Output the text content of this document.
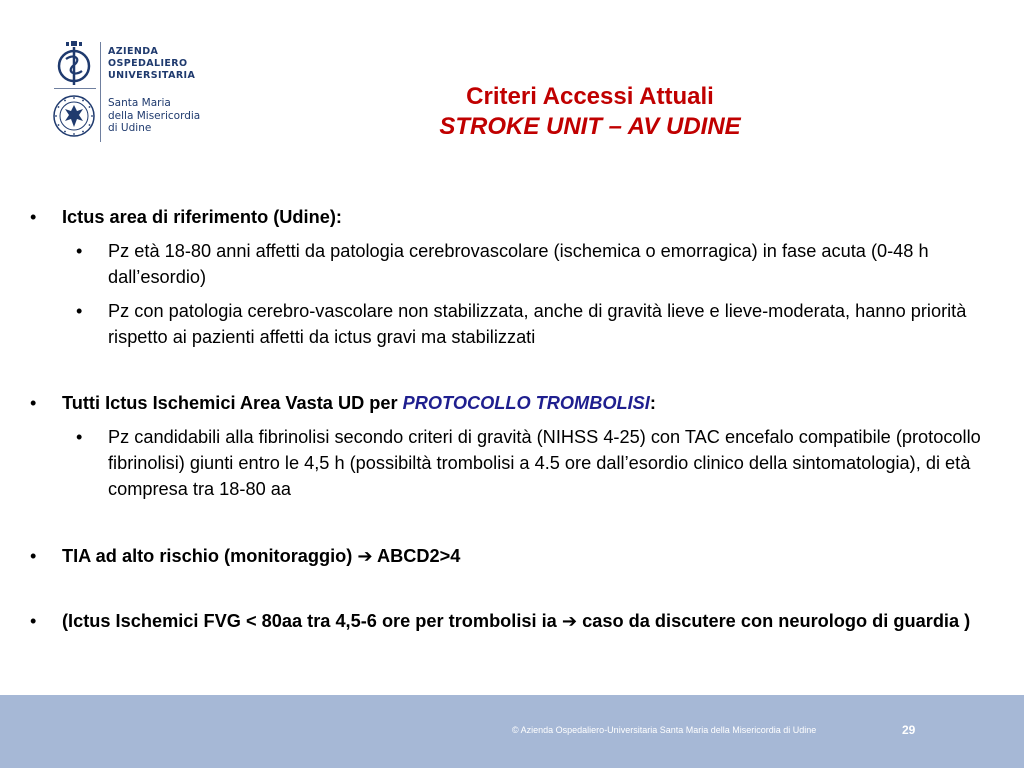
AZIENDA
OSPEDALIERO
UNIVERSITARIA
Santa Maria
della Misericordia
di Udine
Criteri Accessi Attuali
STROKE UNIT – AV UDINE
• Ictus area di riferimento (Udine):
• Pz età 18-80 anni affetti da patologia cerebrovascolare (ischemica o emorragica) in fase acuta (0-48 h dall’esordio)
• Pz con patologia cerebro-vascolare non stabilizzata, anche di gravità lieve e lieve-moderata, hanno priorità rispetto ai pazienti affetti da ictus gravi ma stabilizzati
• Tutti Ictus Ischemici Area Vasta UD per PROTOCOLLO TROMBOLISI:
• Pz candidabili alla fibrinolisi secondo criteri di gravità (NIHSS 4-25) con TAC encefalo compatibile (protocollo fibrinolisi) giunti entro le 4,5 h (possibiltà trombolisi a 4.5 ore dall’esordio clinico della sintomatologia), di età compresa tra 18-80 aa
• TIA ad alto rischio (monitoraggio) ➔ ABCD2>4
• (Ictus Ischemici FVG < 80aa tra 4,5-6 ore per trombolisi ia ➔ caso da discutere con neurologo di guardia )
© Azienda Ospedaliero-Universitaria Santa Maria della Misericordia di Udine	29
